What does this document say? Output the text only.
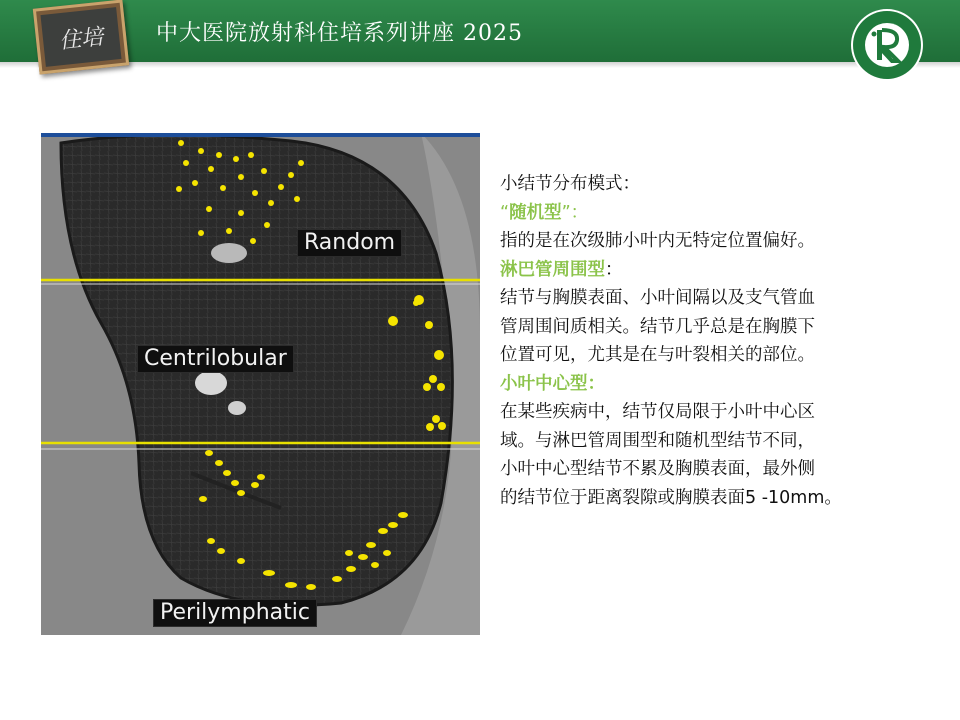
住培	中大医院放射科住培系列讲座 2025
Random
Centrilobular
Perilymphatic
小结节分布模式：
“随机型”：
指的是在次级肺小叶内无特定位置偏好。
淋巴管周围型：
结节与胸膜表面、小叶间隔以及支气管血
管周围间质相关。结节几乎总是在胸膜下
位置可见，尤其是在与叶裂相关的部位。
小叶中心型：
在某些疾病中，结节仅局限于小叶中心区
域。与淋巴管周围型和随机型结节不同，
小叶中心型结节不累及胸膜表面，最外侧
的结节位于距离裂隙或胸膜表面5 -10mm。
